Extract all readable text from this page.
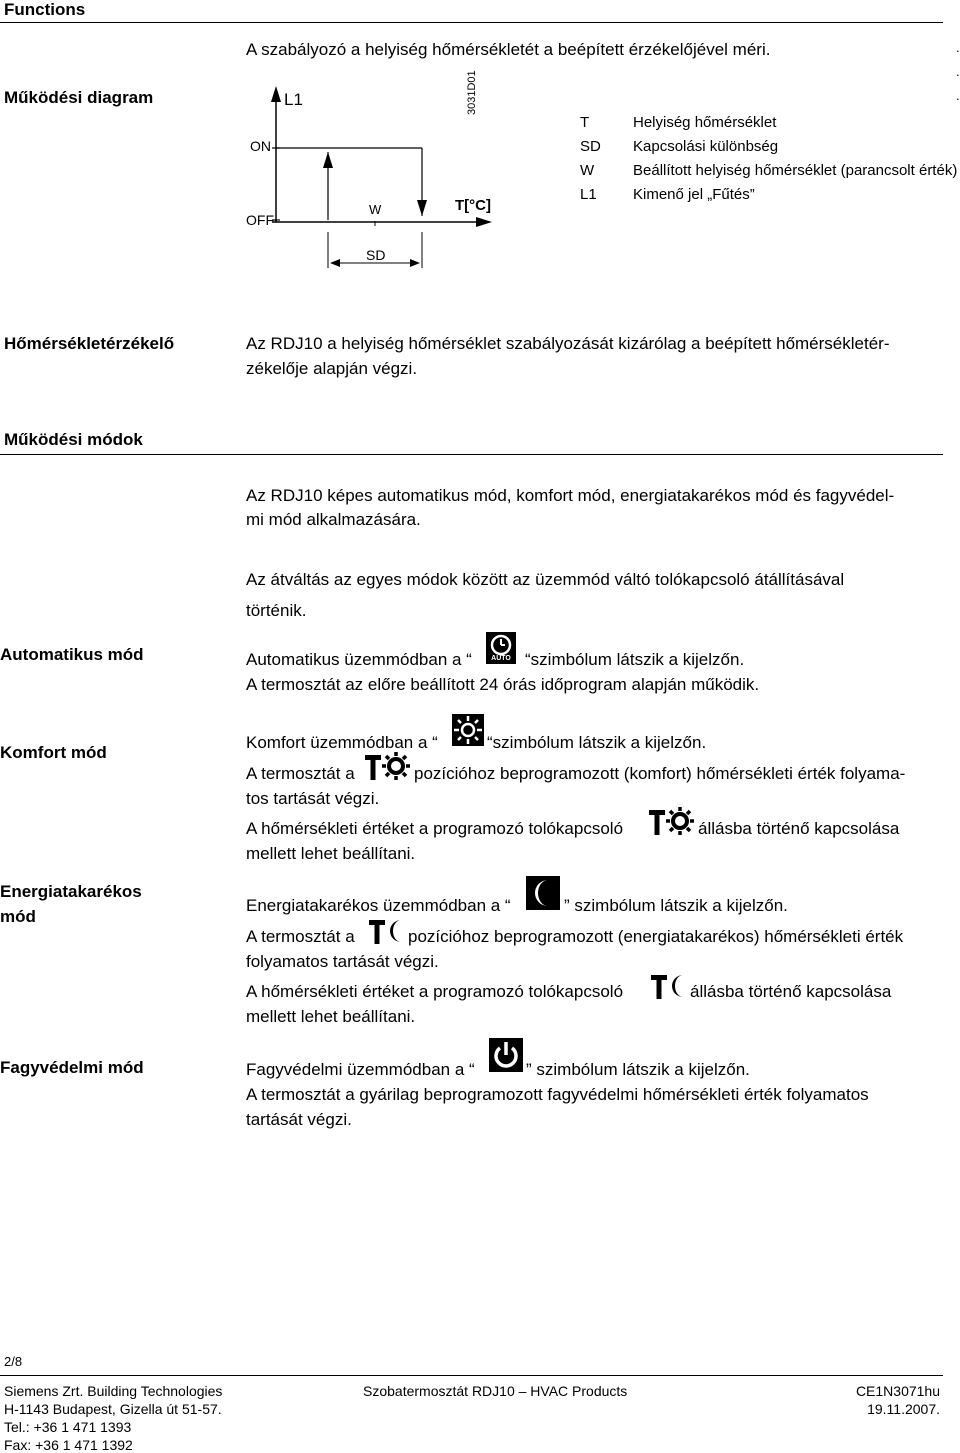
Functions
A szabályozó a helyiség hőmérsékletét a beépített érzékelőjével méri.	.
.
.
Működési diagram
ON
OFF
L1
W	T[°C]
3031D01
SD
T	Helyiség hőmérséklet
SD Kapcsolási különbség
W	Beállított helyiség hőmérséklet (parancsolt érték)
L1 Kimenő jel „Fűtés”
Hőmérsékletérzékelő	Az RDJ10 a helyiség hőmérséklet szabályozását kizárólag a beépített hőmérsékletér-
zékelője alapján végzi.
Működési módok
Az RDJ10 képes automatikus mód, komfort mód, energiatakarékos mód és fagyvédel-
mi mód alkalmazására.
Az átváltás az egyes módok között az üzemmód váltó tolókapcsoló átállításával
történik.
Automatikus mód	Automatikus üzemmódban a “	AUTO “szimbólum látszik a kijelzőn.
A termosztát az előre beállított 24 órás időprogram alapján működik.
Komfort mód
Komfort üzemmódban a “	“szimbólum látszik a kijelzőn.
A termosztát a	pozícióhoz beprogramozott (komfort) hőmérsékleti érték folyama-
tos tartását végzi.
A hőmérsékleti értéket a programozó tolókapcsoló	állásba történő kapcsolása
mellett lehet beállítani.
Energiatakarékos
mód
Energiatakarékos üzemmódban a “	” szimbólum látszik a kijelzőn.
A termosztát a	pozícióhoz beprogramozott (energiatakarékos) hőmérsékleti érték
folyamatos tartását végzi.
A hőmérsékleti értéket a programozó tolókapcsoló	állásba történő kapcsolása
mellett lehet beállítani.
Fagyvédelmi mód	Fagyvédelmi üzemmódban a “	” szimbólum látszik a kijelzőn.
A termosztát a gyárilag beprogramozott fagyvédelmi hőmérsékleti érték folyamatos
tartását végzi.
2/8
Siemens Zrt. Building Technologies
H-1143 Budapest, Gizella út 51-57.
Tel.: +36 1 471 1393
Fax: +36 1 471 1392
Szobatermosztát RDJ10 – HVAC Products	CE1N3071hu
19.11.2007.
